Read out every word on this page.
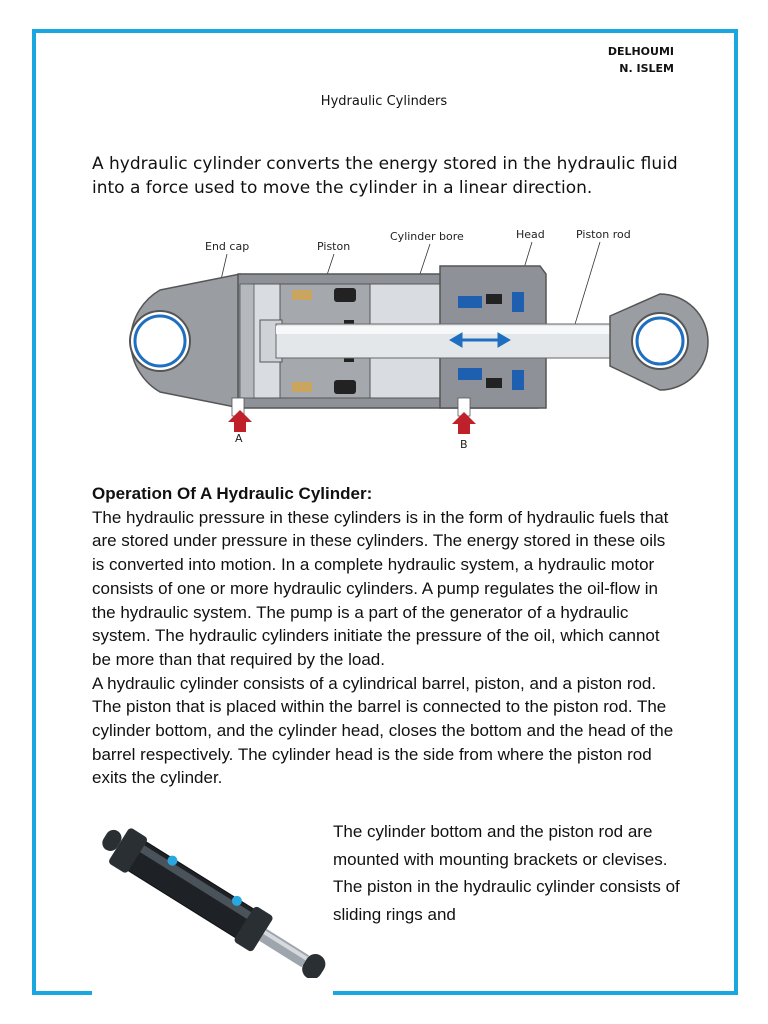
DELHOUMI
N. ISLEM
Hydraulic Cylinders
A hydraulic cylinder converts the energy stored in the hydraulic fluid into a force used to move the cylinder in a linear direction.
End cap	Piston
Cylinder bore	Head	Piston rod
A	B
Operation Of A Hydraulic Cylinder:

The hydraulic pressure in these cylinders is in the form of hydraulic fuels that are stored under pressure in these cylinders. The energy stored in these oils is converted into motion. In a complete hydraulic system, a hydraulic motor consists of one or more hydraulic cylinders. A pump regulates the oil-flow in the hydraulic system. The pump is a part of the generator of a hydraulic system. The hydraulic cylinders initiate the pressure of the oil, which cannot be more than that required by the load.

A hydraulic cylinder consists of a cylindrical barrel, piston, and a piston rod. The piston that is placed within the barrel is connected to the piston rod. The cylinder bottom, and the cylinder head, closes the bottom and the head of the barrel respectively. The cylinder head is the side from where the piston rod exits the cylinder.

The cylinder bottom and the piston rod are mounted with mounting brackets or clevises. The piston in the hydraulic cylinder consists of sliding rings and
